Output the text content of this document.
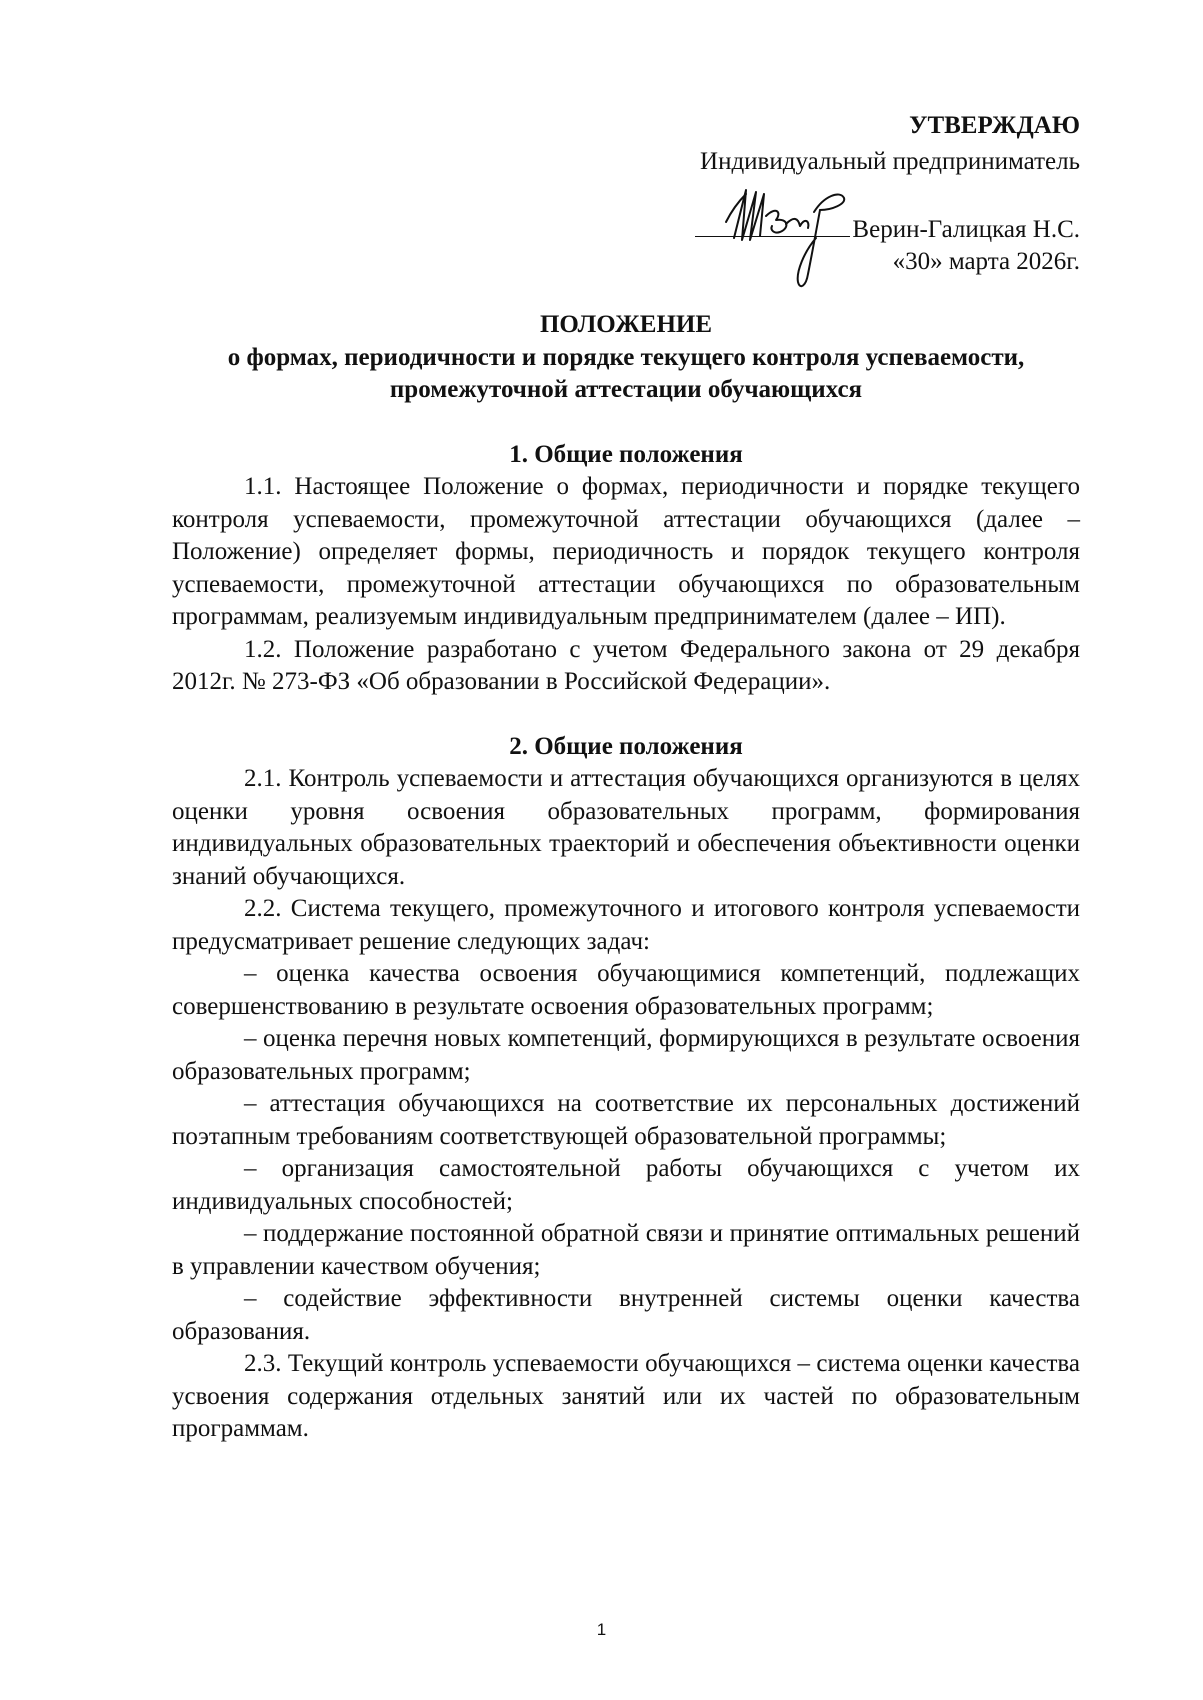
УТВЕРЖДАЮ
Индивидуальный предприниматель
Верин-Галицкая Н.С.
«30» марта 2026г.

ПОЛОЖЕНИЕ

о формах, периодичности и порядке текущего контроля успеваемости,

промежуточной аттестации обучающихся

1. Общие положения

1.1. Настоящее Положение о формах, периодичности и порядке текущего контроля успеваемости, промежуточной аттестации обучающихся (далее – Положение) определяет формы, периодичность и порядок текущего контроля успеваемости, промежуточной аттестации обучающихся по образовательным программам, реализуемым индивидуальным предпринимателем (далее – ИП).

1.2. Положение разработано с учетом Федерального закона от 29 декабря 2012г. № 273-ФЗ «Об образовании в Российской Федерации».

2. Общие положения

2.1. Контроль успеваемости и аттестация обучающихся организуются в целях оценки уровня освоения образовательных программ, формирования индивидуальных образовательных траекторий и обеспечения объективности оценки знаний обучающихся.

2.2. Система текущего, промежуточного и итогового контроля успеваемости предусматривает решение следующих задач:

– оценка качества освоения обучающимися компетенций, подлежащих совершенствованию в результате освоения образовательных программ;

– оценка перечня новых компетенций, формирующихся в результате освоения образовательных программ;

– аттестация обучающихся на соответствие их персональных достижений поэтапным требованиям соответствующей образовательной программы;

– организация самостоятельной работы обучающихся с учетом их индивидуальных способностей;

– поддержание постоянной обратной связи и принятие оптимальных решений в управлении качеством обучения;

– содействие эффективности внутренней системы оценки качества образования.

2.3. Текущий контроль успеваемости обучающихся – система оценки качества усвоения содержания отдельных занятий или их частей по образовательным программам.

1
